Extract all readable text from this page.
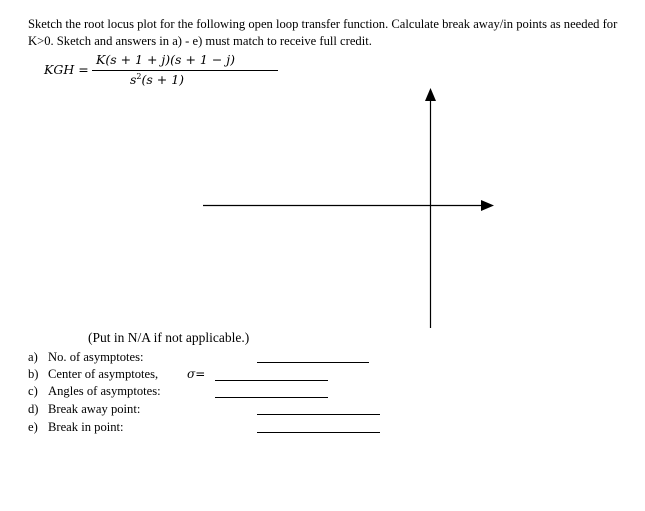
Sketch the root locus plot for the following open loop transfer function. Calculate break away/in points as needed for

K>0. Sketch and answers in a) - e) must match to receive full credit.

KGH =
K(s + 1 + j)(s + 1 − j)
$s^2(s + 1)$
(Put in N/A if not applicable.)
a) No. of asymptotes:
b) Center of asymptotes, σ=
c) Angles of asymptotes:
d) Break away point:
e) Break in point:
